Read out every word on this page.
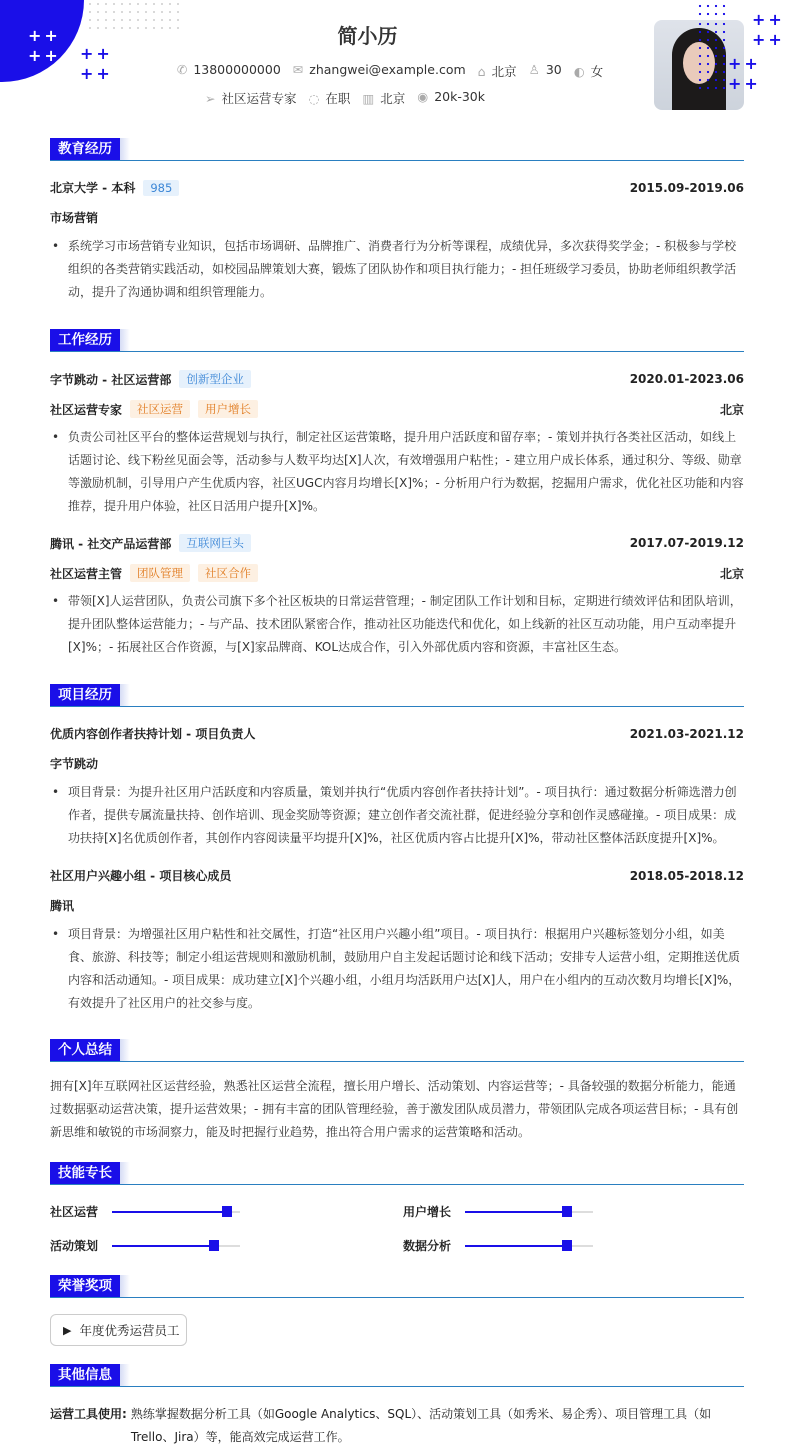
++
++ ++
++
++
++
++
++
简小历
✆ 13800000000 ✉ zhangwei@example.com ⌂ 北京 ♙ 30 ◐ 女
➢ 社区运营专家 ◌ 在职 ▥ 北京 ◉ 20k-30k
教育经历
北京大学 - 本科	985	2015.09-2019.06
市场营销
• 系统学习市场营销专业知识，包括市场调研、品牌推广、消费者行为分析等课程，成绩优异，多次获得奖学金；- 积极参与学校组织的各类营销实践活动，如校园品牌策划大赛，锻炼了团队协作和项目执行能力；- 担任班级学习委员，协助老师组织教学活动，提升了沟通协调和组织管理能力。
工作经历
字节跳动 - 社区运营部	创新型企业	2020.01-2023.06
社区运营专家	社区运营	用户增长	北京
• 负责公司社区平台的整体运营规划与执行，制定社区运营策略，提升用户活跃度和留存率；- 策划并执行各类社区活动，如线上话题讨论、线下粉丝见面会等，活动参与人数平均达[X]人次，有效增强用户粘性；- 建立用户成长体系，通过积分、等级、勋章等激励机制，引导用户产生优质内容，社区UGC内容月均增长[X]%；- 分析用户行为数据，挖掘用户需求，优化社区功能和内容推荐，提升用户体验，社区日活用户提升[X]%。
腾讯 - 社交产品运营部	互联网巨头	2017.07-2019.12
社区运营主管	团队管理	社区合作	北京
• 带领[X]人运营团队，负责公司旗下多个社区板块的日常运营管理；- 制定团队工作计划和目标，定期进行绩效评估和团队培训，提升团队整体运营能力；- 与产品、技术团队紧密合作，推动社区功能迭代和优化，如上线新的社区互动功能，用户互动率提升[X]%；- 拓展社区合作资源，与[X]家品牌商、KOL达成合作，引入外部优质内容和资源，丰富社区生态。
项目经历
优质内容创作者扶持计划 - 项目负责人	2021.03-2021.12
字节跳动
• 项目背景：为提升社区用户活跃度和内容质量，策划并执行“优质内容创作者扶持计划”。- 项目执行：通过数据分析筛选潜力创作者，提供专属流量扶持、创作培训、现金奖励等资源；建立创作者交流社群，促进经验分享和创作灵感碰撞。- 项目成果：成功扶持[X]名优质创作者，其创作内容阅读量平均提升[X]%，社区优质内容占比提升[X]%，带动社区整体活跃度提升[X]%。
社区用户兴趣小组 - 项目核心成员	2018.05-2018.12
腾讯
• 项目背景：为增强社区用户粘性和社交属性，打造“社区用户兴趣小组”项目。- 项目执行：根据用户兴趣标签划分小组，如美食、旅游、科技等；制定小组运营规则和激励机制，鼓励用户自主发起话题讨论和线下活动；安排专人运营小组，定期推送优质内容和活动通知。- 项目成果：成功建立[X]个兴趣小组，小组月均活跃用户达[X]人，用户在小组内的互动次数月均增长[X]%，有效提升了社区用户的社交参与度。
个人总结
拥有[X]年互联网社区运营经验，熟悉社区运营全流程，擅长用户增长、活动策划、内容运营等；- 具备较强的数据分析能力，能通过数据驱动运营决策，提升运营效果；- 拥有丰富的团队管理经验，善于激发团队成员潜力，带领团队完成各项运营目标；- 具有创新思维和敏锐的市场洞察力，能及时把握行业趋势，推出符合用户需求的运营策略和活动。
技能专长
社区运营	用户增长
活动策划	数据分析
荣誉奖项
▶ 年度优秀运营员工
其他信息
运营工具使用: 熟练掌握数据分析工具（如Google Analytics、SQL）、活动策划工具（如秀米、易企秀）、项目管理工具（如Trello、Jira）等，能高效完成运营工作。
